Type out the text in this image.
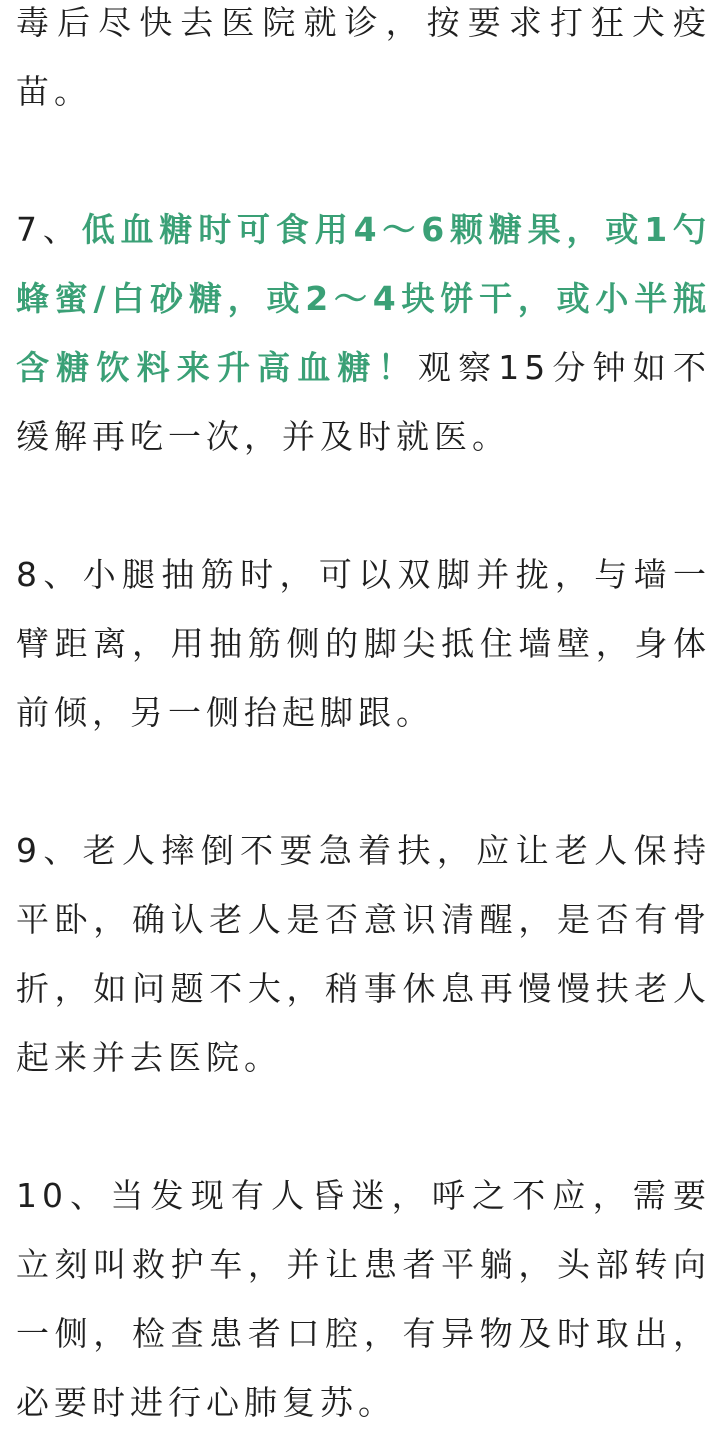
毒后尽快去医院就诊，按要求打狂犬疫苗。

7、低血糖时可食用4～6颗糖果，或1勺蜂蜜/白砂糖，或2～4块饼干，或小半瓶含糖饮料来升高血糖！观察15分钟如不缓解再吃一次，并及时就医。

8、小腿抽筋时，可以双脚并拢，与墙一臂距离，用抽筋侧的脚尖抵住墙壁，身体前倾，另一侧抬起脚跟。

9、老人摔倒不要急着扶，应让老人保持平卧，确认老人是否意识清醒，是否有骨折，如问题不大，稍事休息再慢慢扶老人起来并去医院。

10、当发现有人昏迷，呼之不应，需要立刻叫救护车，并让患者平躺，头部转向一侧，检查患者口腔，有异物及时取出，必要时进行心肺复苏。
